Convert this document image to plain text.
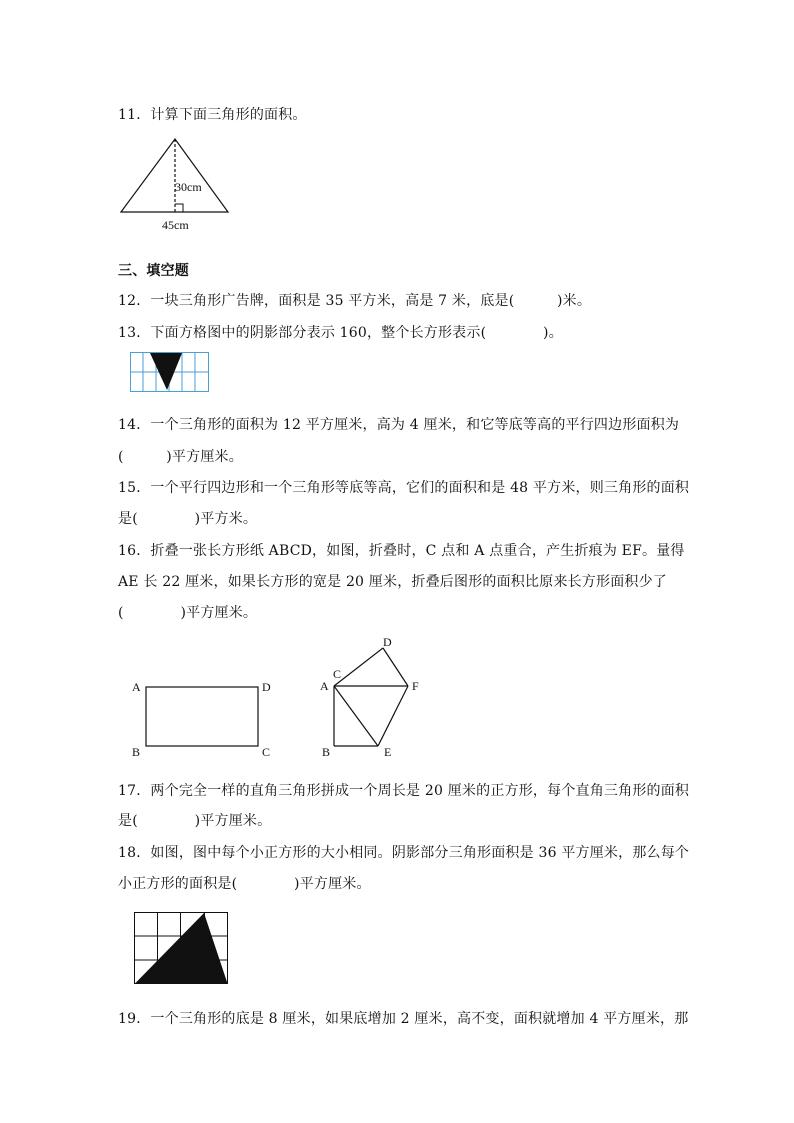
11．计算下面三角形的面积。
30cm
45cm
三、填空题
12．一块三角形广告牌，面积是 35 平方米，高是 7 米，底是(　　　)米。
13．下面方格图中的阴影部分表示 160，整个长方形表示(　　　　)。
14．一个三角形的面积为 12 平方厘米，高为 4 厘米，和它等底等高的平行四边形面积为
(　　　)平方厘米。
15．一个平行四边形和一个三角形等底等高，它们的面积和是 48 平方米，则三角形的面积
是(　　　　)平方米。
16．折叠一张长方形纸 ABCD，如图，折叠时，C 点和 A 点重合，产生折痕为 EF。量得
AE 长 22 厘米，如果长方形的宽是 20 厘米，折叠后图形的面积比原来长方形面积少了
(　　　　)平方厘米。
A	D
B	C
D
C
A	F
B	E
17．两个完全一样的直角三角形拼成一个周长是 20 厘米的正方形，每个直角三角形的面积
是(　　　　)平方厘米。
18．如图，图中每个小正方形的大小相同。阴影部分三角形面积是 36 平方厘米，那么每个
小正方形的面积是(　　　　)平方厘米。
19．一个三角形的底是 8 厘米，如果底增加 2 厘米，高不变，面积就增加 4 平方厘米，那
